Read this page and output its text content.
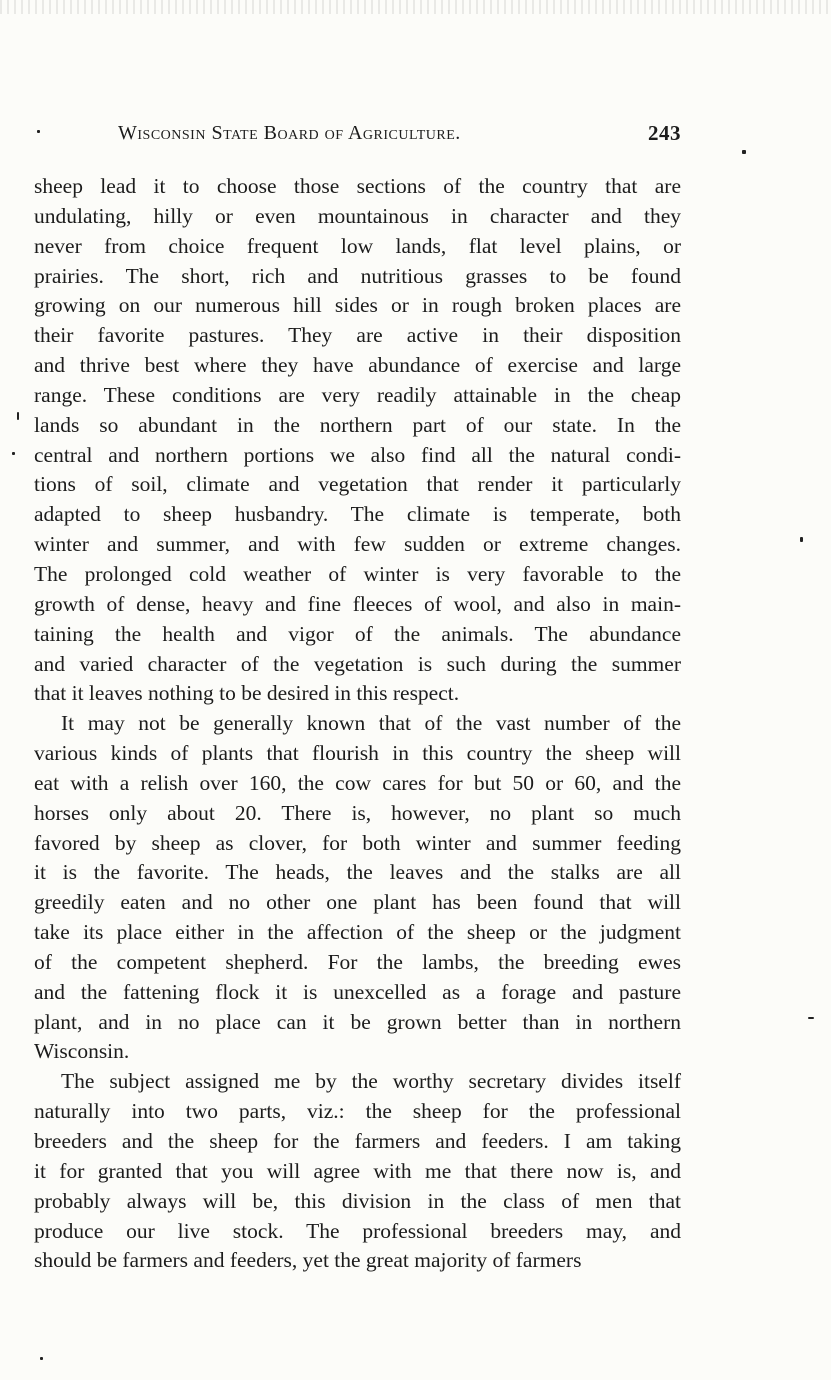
Wisconsin State Board of Agriculture.	243
sheep lead it to choose those sections of the country that are
undulating, hilly or even mountainous in character and they
never from choice frequent low lands, flat level plains, or
prairies. The short, rich and nutritious grasses to be found
growing on our numerous hill sides or in rough broken places are
their favorite pastures. They are active in their disposition
and thrive best where they have abundance of exercise and large
range. These conditions are very readily attainable in the cheap
lands so abundant in the northern part of our state. In the
central and northern portions we also find all the natural condi-
tions of soil, climate and vegetation that render it particularly
adapted to sheep husbandry. The climate is temperate, both
winter and summer, and with few sudden or extreme changes.
The prolonged cold weather of winter is very favorable to the
growth of dense, heavy and fine fleeces of wool, and also in main-
taining the health and vigor of the animals. The abundance
and varied character of the vegetation is such during the summer
that it leaves nothing to be desired in this respect.
It may not be generally known that of the vast number of the
various kinds of plants that flourish in this country the sheep will
eat with a relish over 160, the cow cares for but 50 or 60, and the
horses only about 20. There is, however, no plant so much
favored by sheep as clover, for both winter and summer feeding
it is the favorite. The heads, the leaves and the stalks are all
greedily eaten and no other one plant has been found that will
take its place either in the affection of the sheep or the judgment
of the competent shepherd. For the lambs, the breeding ewes
and the fattening flock it is unexcelled as a forage and pasture
plant, and in no place can it be grown better than in northern
Wisconsin.
The subject assigned me by the worthy secretary divides itself
naturally into two parts, viz.: the sheep for the professional
breeders and the sheep for the farmers and feeders. I am taking
it for granted that you will agree with me that there now is, and
probably always will be, this division in the class of men that
produce our live stock. The professional breeders may, and
should be farmers and feeders, yet the great majority of farmers
